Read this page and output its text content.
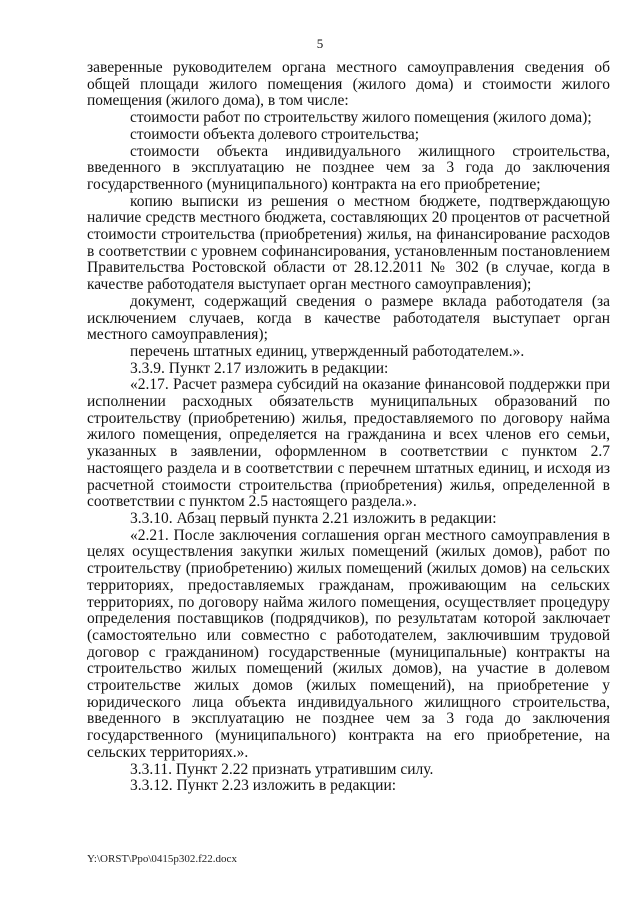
5

заверенные руководителем органа местного самоуправления сведения об общей площади жилого помещения (жилого дома) и стоимости жилого помещения (жилого дома), в том числе:

стоимости работ по строительству жилого помещения (жилого дома);

стоимости объекта долевого строительства;

стоимости объекта индивидуального жилищного строительства, введенного в эксплуатацию не позднее чем за 3 года до заключения государственного (муниципального) контракта на его приобретение;

копию выписки из решения о местном бюджете, подтверждающую наличие средств местного бюджета, составляющих 20 процентов от расчетной стоимости строительства (приобретения) жилья, на финансирование расходов в соответствии с уровнем софинансирования, установленным постановлением Правительства Ростовской области от 28.12.2011 № 302 (в случае, когда в качестве работодателя выступает орган местного самоуправления);

документ, содержащий сведения о размере вклада работодателя (за исключением случаев, когда в качестве работодателя выступает орган местного самоуправления);

перечень штатных единиц, утвержденный работодателем.».

3.3.9. Пункт 2.17 изложить в редакции:

«2.17. Расчет размера субсидий на оказание финансовой поддержки при исполнении расходных обязательств муниципальных образований по строительству (приобретению) жилья, предоставляемого по договору найма жилого помещения, определяется на гражданина и всех членов его семьи, указанных в заявлении, оформленном в соответствии с пунктом 2.7 настоящего раздела и в соответствии с перечнем штатных единиц, и исходя из расчетной стоимости строительства (приобретения) жилья, определенной в соответствии с пунктом 2.5 настоящего раздела.».

3.3.10. Абзац первый пункта 2.21 изложить в редакции:

«2.21. После заключения соглашения орган местного самоуправления в целях осуществления закупки жилых помещений (жилых домов), работ по строительству (приобретению) жилых помещений (жилых домов) на сельских территориях, предоставляемых гражданам, проживающим на сельских территориях, по договору найма жилого помещения, осуществляет процедуру определения поставщиков (подрядчиков), по результатам которой заключает (самостоятельно или совместно с работодателем, заключившим трудовой договор с гражданином) государственные (муниципальные) контракты на строительство жилых помещений (жилых домов), на участие в долевом строительстве жилых домов (жилых помещений), на приобретение у юридического лица объекта индивидуального жилищного строительства, введенного в эксплуатацию не позднее чем за 3 года до заключения государственного (муниципального) контракта на его приобретение, на сельских территориях.».

3.3.11. Пункт 2.22 признать утратившим силу.

3.3.12. Пункт 2.23 изложить в редакции:

Y:\ORST\Ppo\0415p302.f22.docx
